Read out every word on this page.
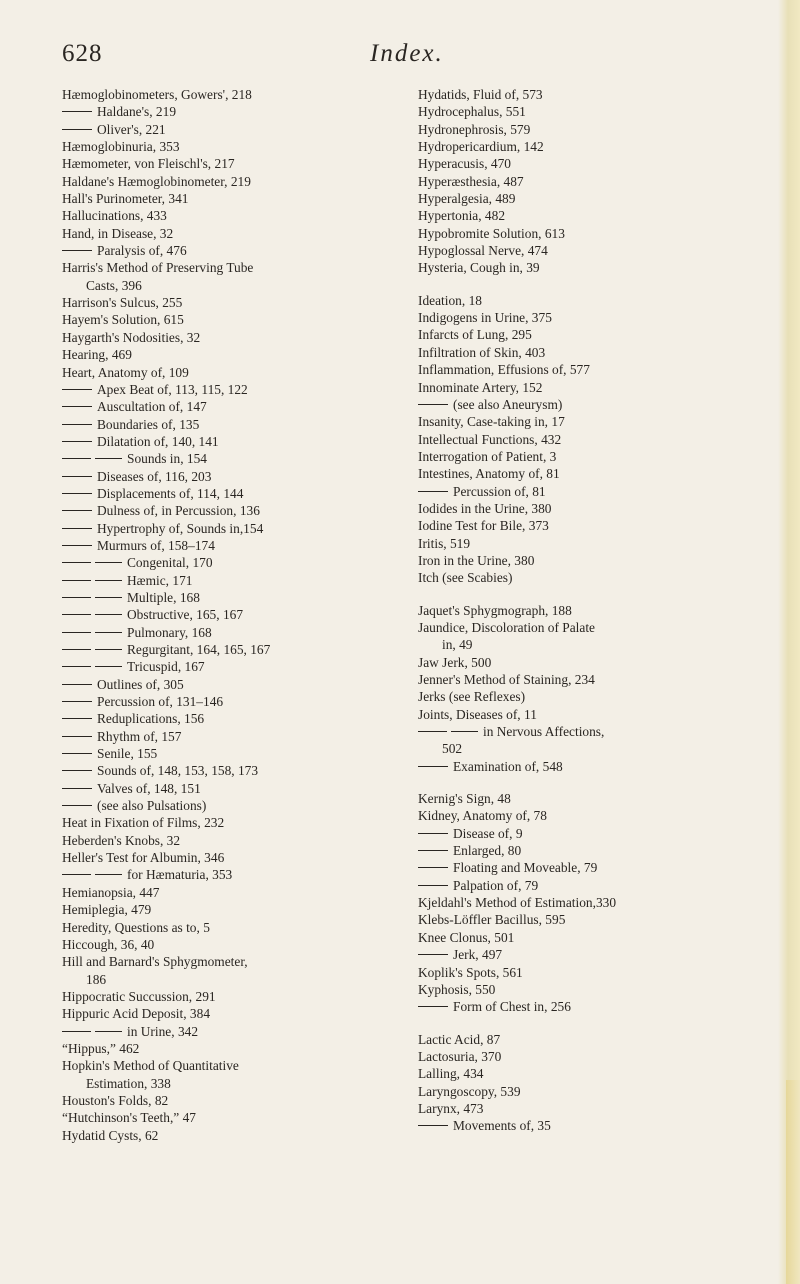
628	Index.
Hæmoglobinometers, Gowers', 218
Haldane's, 219
Oliver's, 221
Hæmoglobinuria, 353
Hæmometer, von Fleischl's, 217
Haldane's Hæmoglobinometer, 219
Hall's Purinometer, 341
Hallucinations, 433
Hand, in Disease, 32
Paralysis of, 476
Harris's Method of Preserving Tube
Casts, 396
Harrison's Sulcus, 255
Hayem's Solution, 615
Haygarth's Nodosities, 32
Hearing, 469
Heart, Anatomy of, 109
Apex Beat of, 113, 115, 122
Auscultation of, 147
Boundaries of, 135
Dilatation of, 140, 141
Sounds in, 154
Diseases of, 116, 203
Displacements of, 114, 144
Dulness of, in Percussion, 136
Hypertrophy of, Sounds in,154
Murmurs of, 158–174
Congenital, 170
Hæmic, 171
Multiple, 168
Obstructive, 165, 167
Pulmonary, 168
Regurgitant, 164, 165, 167
Tricuspid, 167
Outlines of, 305
Percussion of, 131–146
Reduplications, 156
Rhythm of, 157
Senile, 155
Sounds of, 148, 153, 158, 173
Valves of, 148, 151
(see also Pulsations)
Heat in Fixation of Films, 232
Heberden's Knobs, 32
Heller's Test for Albumin, 346
for Hæmaturia, 353
Hemianopsia, 447
Hemiplegia, 479
Heredity, Questions as to, 5
Hiccough, 36, 40
Hill and Barnard's Sphygmometer,
186
Hippocratic Succussion, 291
Hippuric Acid Deposit, 384
in Urine, 342
“Hippus,” 462
Hopkin's Method of Quantitative
Estimation, 338
Houston's Folds, 82
“Hutchinson's Teeth,” 47
Hydatid Cysts, 62
Hydatids, Fluid of, 573
Hydrocephalus, 551
Hydronephrosis, 579
Hydropericardium, 142
Hyperacusis, 470
Hyperæsthesia, 487
Hyperalgesia, 489
Hypertonia, 482
Hypobromite Solution, 613
Hypoglossal Nerve, 474
Hysteria, Cough in, 39
Ideation, 18
Indigogens in Urine, 375
Infarcts of Lung, 295
Infiltration of Skin, 403
Inflammation, Effusions of, 577
Innominate Artery, 152
(see also Aneurysm)
Insanity, Case-taking in, 17
Intellectual Functions, 432
Interrogation of Patient, 3
Intestines, Anatomy of, 81
Percussion of, 81
Iodides in the Urine, 380
Iodine Test for Bile, 373
Iritis, 519
Iron in the Urine, 380
Itch (see Scabies)
Jaquet's Sphygmograph, 188
Jaundice, Discoloration of Palate
in, 49
Jaw Jerk, 500
Jenner's Method of Staining, 234
Jerks (see Reflexes)
Joints, Diseases of, 11
in Nervous Affections,
502
Examination of, 548
Kernig's Sign, 48
Kidney, Anatomy of, 78
Disease of, 9
Enlarged, 80
Floating and Moveable, 79
Palpation of, 79
Kjeldahl's Method of Estimation,330
Klebs-Löffler Bacillus, 595
Knee Clonus, 501
Jerk, 497
Koplik's Spots, 561
Kyphosis, 550
Form of Chest in, 256
Lactic Acid, 87
Lactosuria, 370
Lalling, 434
Laryngoscopy, 539
Larynx, 473
Movements of, 35
